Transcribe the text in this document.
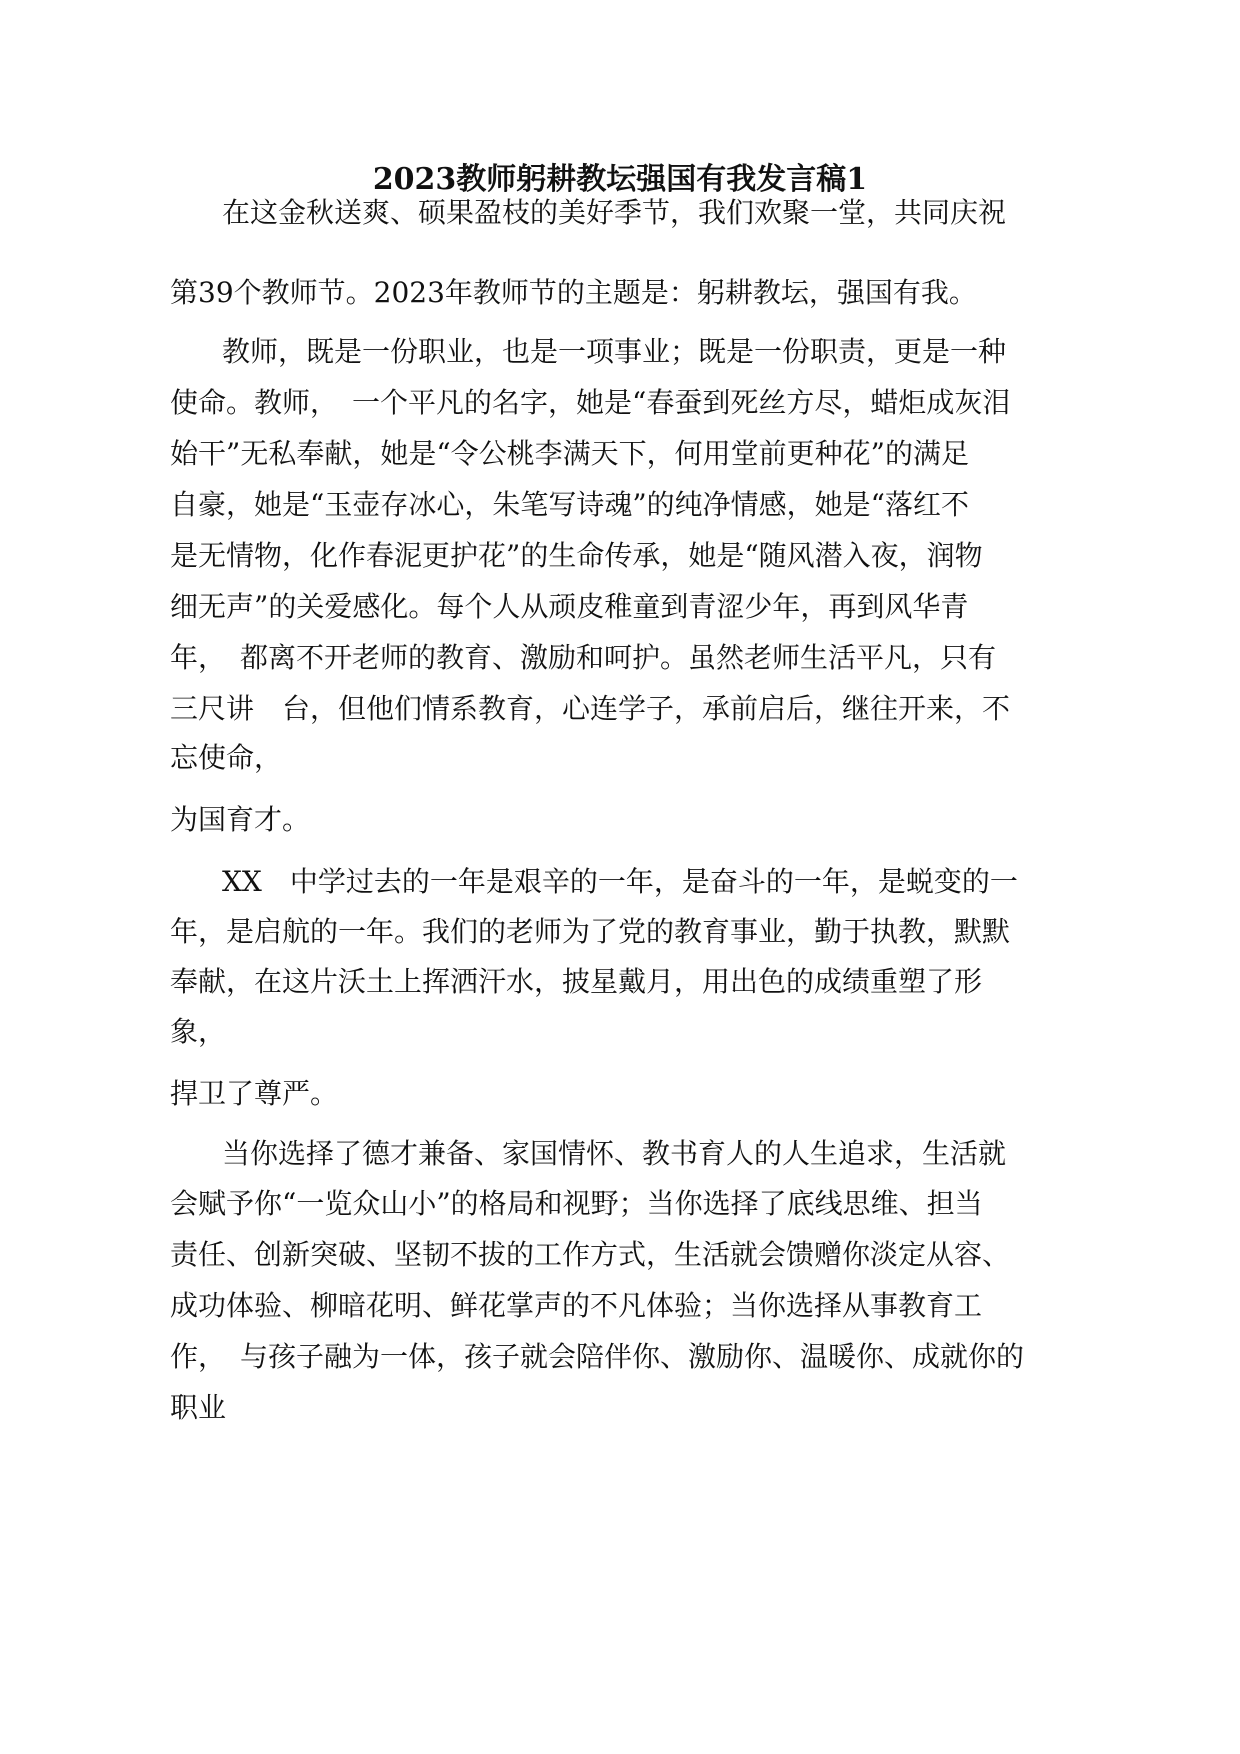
2023教师躬耕教坛强国有我发言稿1
在这金秋送爽、硕果盈枝的美好季节，我们欢聚一堂，共同庆祝
第39个教师节。2023年教师节的主题是：躬耕教坛，强国有我。
教师，既是一份职业，也是一项事业；既是一份职责，更是一种
使命。教师，　一个平凡的名字，她是“春蚕到死丝方尽，蜡炬成灰泪
始干”无私奉献，她是“令公桃李满天下，何用堂前更种花”的满足
自豪，她是“玉壶存冰心，朱笔写诗魂”的纯净情感，她是“落红不
是无情物，化作春泥更护花”的生命传承，她是“随风潜入夜，润物
细无声”的关爱感化。每个人从顽皮稚童到青涩少年，再到风华青
年，　都离不开老师的教育、激励和呵护。虽然老师生活平凡，只有
三尺讲　台，但他们情系教育，心连学子，承前启后，继往开来，不
忘使命，
为国育才。
XX　中学过去的一年是艰辛的一年，是奋斗的一年，是蜕变的一
年，是启航的一年。我们的老师为了党的教育事业，勤于执教，默默
奉献，在这片沃土上挥洒汗水，披星戴月，用出色的成绩重塑了形
象，
捍卫了尊严。
当你选择了德才兼备、家国情怀、教书育人的人生追求，生活就
会赋予你“一览众山小”的格局和视野；当你选择了底线思维、担当
责任、创新突破、坚韧不拔的工作方式，生活就会馈赠你淡定从容、
成功体验、柳暗花明、鲜花掌声的不凡体验；当你选择从事教育工
作，　与孩子融为一体，孩子就会陪伴你、激励你、温暖你、成就你的
职业
